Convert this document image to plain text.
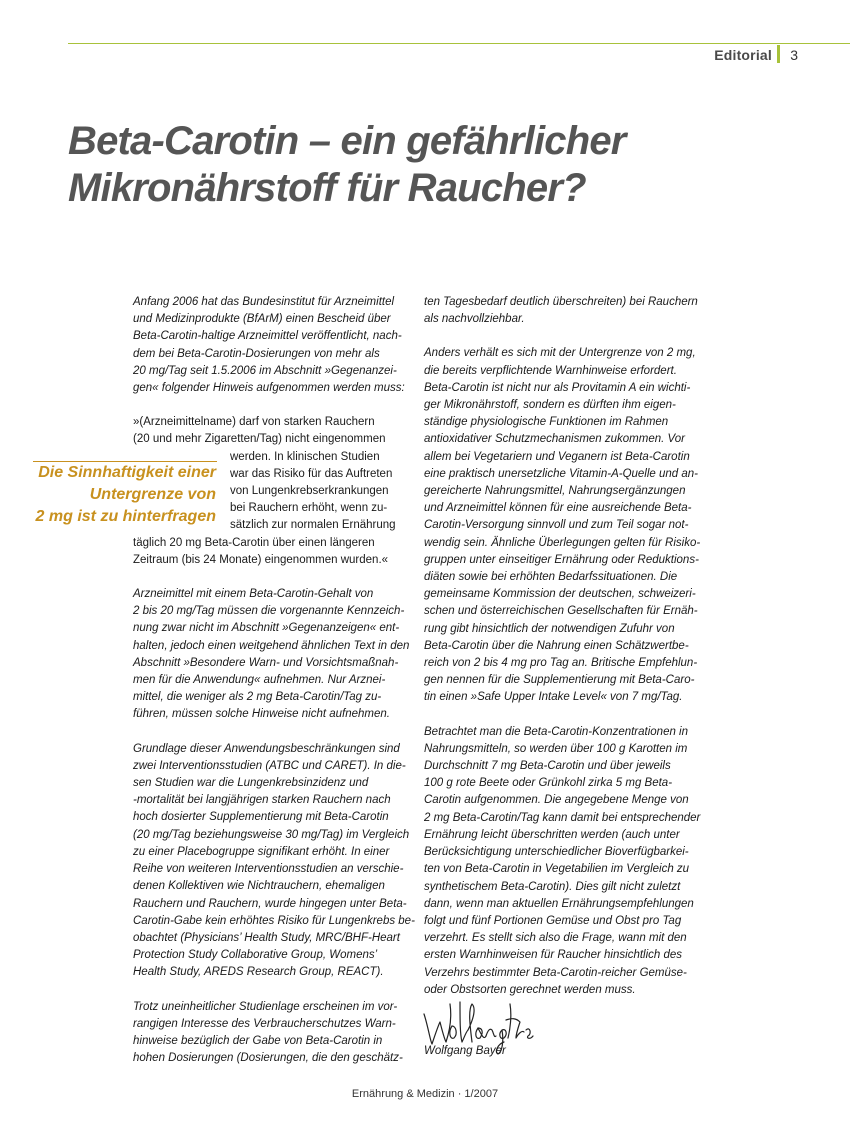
Editorial 3
Beta-Carotin – ein gefährlicher
Mikronährstoff für Raucher?
Die Sinnhaftigkeit einer
Untergrenze von
2 mg ist zu hinterfragen
Anfang 2006 hat das Bundesinstitut für Arzneimittel
und Medizinprodukte (BfArM) einen Bescheid über
Beta-Carotin-haltige Arzneimittel veröffentlicht, nach-
dem bei Beta-Carotin-Dosierungen von mehr als
20 mg/Tag seit 1.5.2006 im Abschnitt »Gegenanzei-
gen« folgender Hinweis aufgenommen werden muss:
»(Arzneimittelname) darf von starken Rauchern
(20 und mehr Zigaretten/Tag) nicht eingenommen
werden. In klinischen Studien
war das Risiko für das Auftreten
von Lungenkrebserkrankungen
bei Rauchern erhöht, wenn zu-
sätzlich zur normalen Ernährung
täglich 20 mg Beta-Carotin über einen längeren
Zeitraum (bis 24 Monate) eingenommen wurden.«
Arzneimittel mit einem Beta-Carotin-Gehalt von
2 bis 20 mg/Tag müssen die vorgenannte Kennzeich-
nung zwar nicht im Abschnitt »Gegenanzeigen« ent-
halten, jedoch einen weitgehend ähnlichen Text in den
Abschnitt »Besondere Warn- und Vorsichtsmaßnah-
men für die Anwendung« aufnehmen. Nur Arznei-
mittel, die weniger als 2 mg Beta-Carotin/Tag zu-
führen, müssen solche Hinweise nicht aufnehmen.
Grundlage dieser Anwendungsbeschränkungen sind
zwei Interventionsstudien (ATBC und CARET). In die-
sen Studien war die Lungenkrebsinzidenz und
-mortalität bei langjährigen starken Rauchern nach
hoch dosierter Supplementierung mit Beta-Carotin
(20 mg/Tag beziehungsweise 30 mg/Tag) im Vergleich
zu einer Placebogruppe signifikant erhöht. In einer
Reihe von weiteren Interventionsstudien an verschie-
denen Kollektiven wie Nichtrauchern, ehemaligen
Rauchern und Rauchern, wurde hingegen unter Beta-
Carotin-Gabe kein erhöhtes Risiko für Lungenkrebs be-
obachtet (Physicians’ Health Study, MRC/BHF-Heart
Protection Study Collaborative Group, Womens’
Health Study, AREDS Research Group, REACT).
Trotz uneinheitlicher Studienlage erscheinen im vor-
rangigen Interesse des Verbraucherschutzes Warn-
hinweise bezüglich der Gabe von Beta-Carotin in
hohen Dosierungen (Dosierungen, die den geschätz-
ten Tagesbedarf deutlich überschreiten) bei Rauchern
als nachvollziehbar.
Anders verhält es sich mit der Untergrenze von 2 mg,
die bereits verpflichtende Warnhinweise erfordert.
Beta-Carotin ist nicht nur als Provitamin A ein wichti-
ger Mikronährstoff, sondern es dürften ihm eigen-
ständige physiologische Funktionen im Rahmen
antioxidativer Schutzmechanismen zukommen. Vor
allem bei Vegetariern und Veganern ist Beta-Carotin
eine praktisch unersetzliche Vitamin-A-Quelle und an-
gereicherte Nahrungsmittel, Nahrungsergänzungen
und Arzneimittel können für eine ausreichende Beta-
Carotin-Versorgung sinnvoll und zum Teil sogar not-
wendig sein. Ähnliche Überlegungen gelten für Risiko-
gruppen unter einseitiger Ernährung oder Reduktions-
diäten sowie bei erhöhten Bedarfssituationen. Die
gemeinsame Kommission der deutschen, schweizeri-
schen und österreichischen Gesellschaften für Ernäh-
rung gibt hinsichtlich der notwendigen Zufuhr von
Beta-Carotin über die Nahrung einen Schätzwertbe-
reich von 2 bis 4 mg pro Tag an. Britische Empfehlun-
gen nennen für die Supplementierung mit Beta-Caro-
tin einen »Safe Upper Intake Level« von 7 mg/Tag.
Betrachtet man die Beta-Carotin-Konzentrationen in
Nahrungsmitteln, so werden über 100 g Karotten im
Durchschnitt 7 mg Beta-Carotin und über jeweils
100 g rote Beete oder Grünkohl zirka 5 mg Beta-
Carotin aufgenommen. Die angegebene Menge von
2 mg Beta-Carotin/Tag kann damit bei entsprechender
Ernährung leicht überschritten werden (auch unter
Berücksichtigung unterschiedlicher Bioverfügbarkei-
ten von Beta-Carotin in Vegetabilien im Vergleich zu
synthetischem Beta-Carotin). Dies gilt nicht zuletzt
dann, wenn man aktuellen Ernährungsempfehlungen
folgt und fünf Portionen Gemüse und Obst pro Tag
verzehrt. Es stellt sich also die Frage, wann mit den
ersten Warnhinweisen für Raucher hinsichtlich des
Verzehrs bestimmter Beta-Carotin-reicher Gemüse-
oder Obstsorten gerechnet werden muss.
Wolfgang Bayer
Ernährung & Medizin · 1/2007
